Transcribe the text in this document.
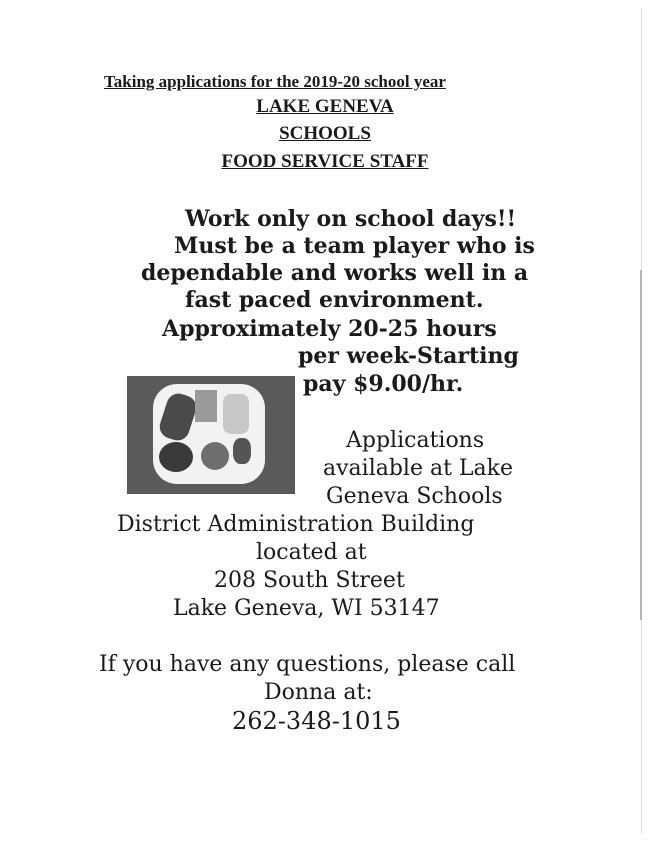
Taking applications for the 2019-20 school year
LAKE GENEVA
SCHOOLS
FOOD SERVICE STAFF
Work only on school days!!
Must be a team player who is
dependable and works well in a
fast paced environment.
Approximately 20-25 hours
per week-Starting
pay $9.00/hr.
Applications
available at Lake
Geneva Schools
District Administration Building
located at
208 South Street
Lake Geneva, WI 53147
If you have any questions, please call
Donna at:
262-348-1015
